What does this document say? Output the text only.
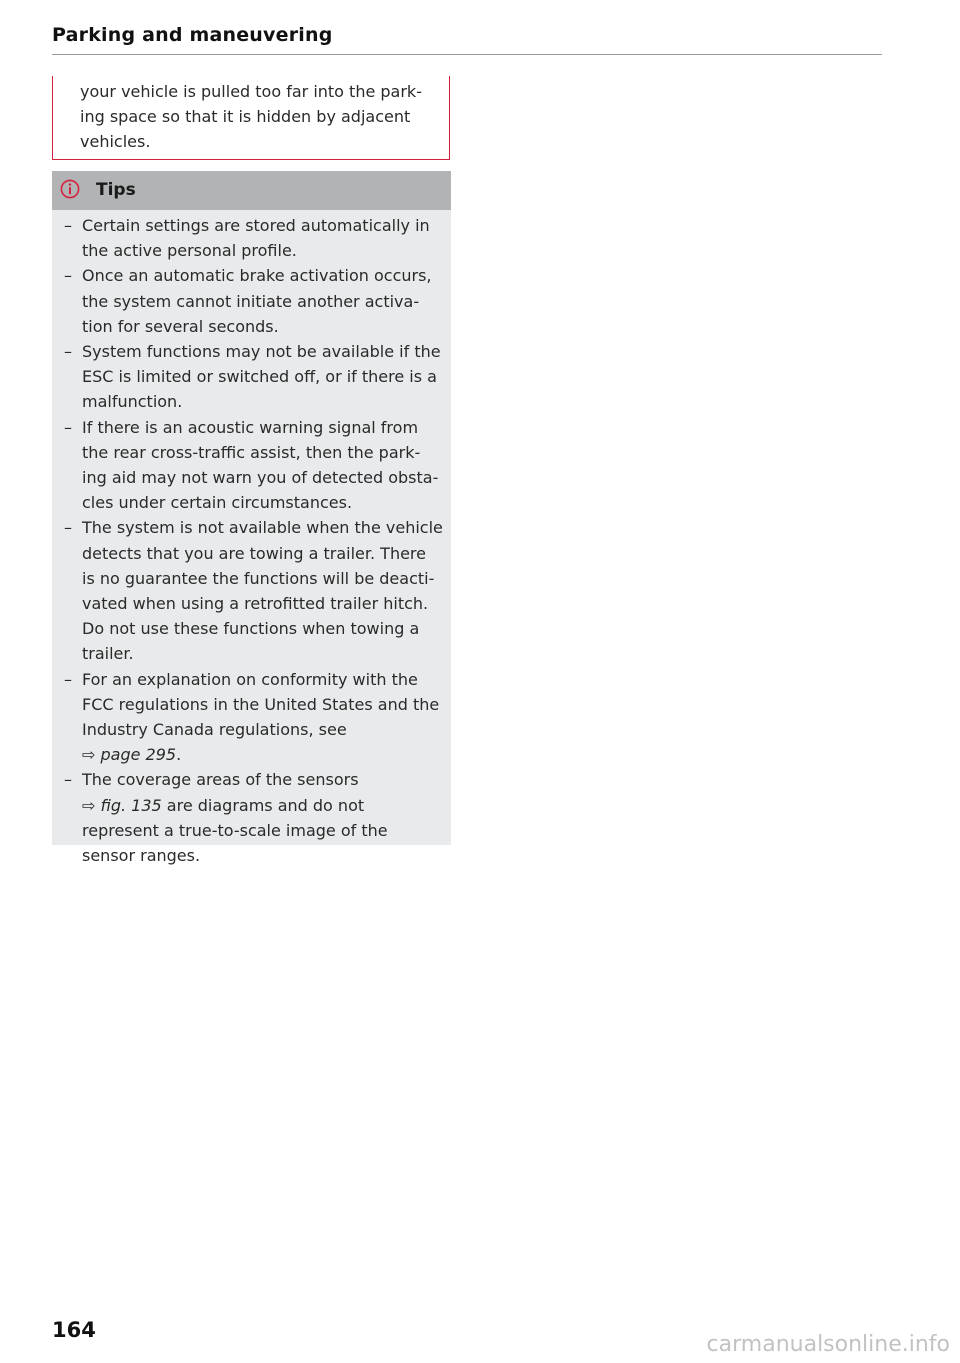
Parking and maneuvering

your vehicle is pulled too far into the park-ing space so that it is hidden by adjacent vehicles.

Tips
– Certain settings are stored automatically in the active personal profile.
– Once an automatic brake activation occurs, the system cannot initiate another activa-tion for several seconds.
– System functions may not be available if the ESC is limited or switched off, or if there is a malfunction.
– If there is an acoustic warning signal from the rear cross-traffic assist, then the park-ing aid may not warn you of detected obsta-cles under certain circumstances.
– The system is not available when the vehicle detects that you are towing a trailer. There is no guarantee the functions will be deacti-vated when using a retrofitted trailer hitch. Do not use these functions when towing a trailer.
– For an explanation on conformity with the FCC regulations in the United States and the Industry Canada regulations, see ⇨ page 295.
– The coverage areas of the sensors ⇨ fig. 135 are diagrams and do not represent a true-to-scale image of the sensor ranges.
164
carmanualsonline.info
